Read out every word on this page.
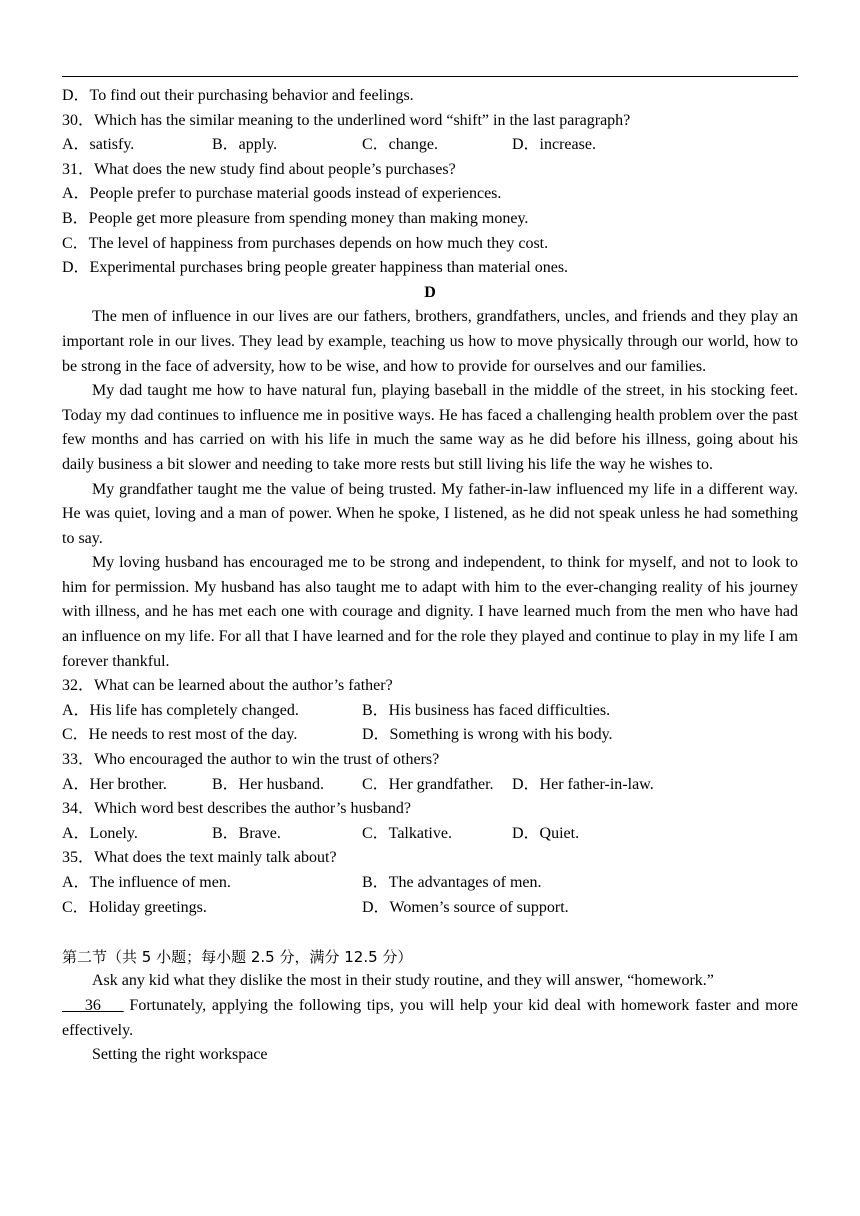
D．To find out their purchasing behavior and feelings.
30．Which has the similar meaning to the underlined word “shift” in the last paragraph?
A．satisfy.	B．apply.	C．change.	D．increase.
31．What does the new study find about people’s purchases?
A．People prefer to purchase material goods instead of experiences.
B．People get more pleasure from spending money than making money.
C．The level of happiness from purchases depends on how much they cost.
D．Experimental purchases bring people greater happiness than material ones.
D

The men of influence in our lives are our fathers, brothers, grandfathers, uncles, and friends and they play an important role in our lives. They lead by example, teaching us how to move physically through our world, how to be strong in the face of adversity, how to be wise, and how to provide for ourselves and our families.

My dad taught me how to have natural fun, playing baseball in the middle of the street, in his stocking feet. Today my dad continues to influence me in positive ways. He has faced a challenging health problem over the past few months and has carried on with his life in much the same way as he did before his illness, going about his daily business a bit slower and needing to take more rests but still living his life the way he wishes to.

My grandfather taught me the value of being trusted. My father-in-law influenced my life in a different way. He was quiet, loving and a man of power. When he spoke, I listened, as he did not speak unless he had something to say.

My loving husband has encouraged me to be strong and independent, to think for myself, and not to look to him for permission. My husband has also taught me to adapt with him to the ever-changing reality of his journey with illness, and he has met each one with courage and dignity. I have learned much from the men who have had an influence on my life. For all that I have learned and for the role they played and continue to play in my life I am forever thankful.

32．What can be learned about the author’s father?
A．His life has completely changed.	B．His business has faced difficulties.
C．He needs to rest most of the day.	D．Something is wrong with his body.
33．Who encouraged the author to win the trust of others?
A．Her brother.	B．Her husband.	C．Her grandfather.	D．Her father-in-law.
34．Which word best describes the author’s husband?
A．Lonely.	B．Brave.	C．Talkative.	D．Quiet.
35．What does the text mainly talk about?
A．The influence of men.	B．The advantages of men.
C．Holiday greetings.	D．Women’s source of support.
第二节（共 5 小题；每小题 2.5 分，满分 12.5 分）
Ask any kid what they dislike the most in their study routine, and they will answer, “homework.”

36     Fortunately, applying the following tips, you will help your kid deal with homework faster and more effectively.

Setting the right workspace
